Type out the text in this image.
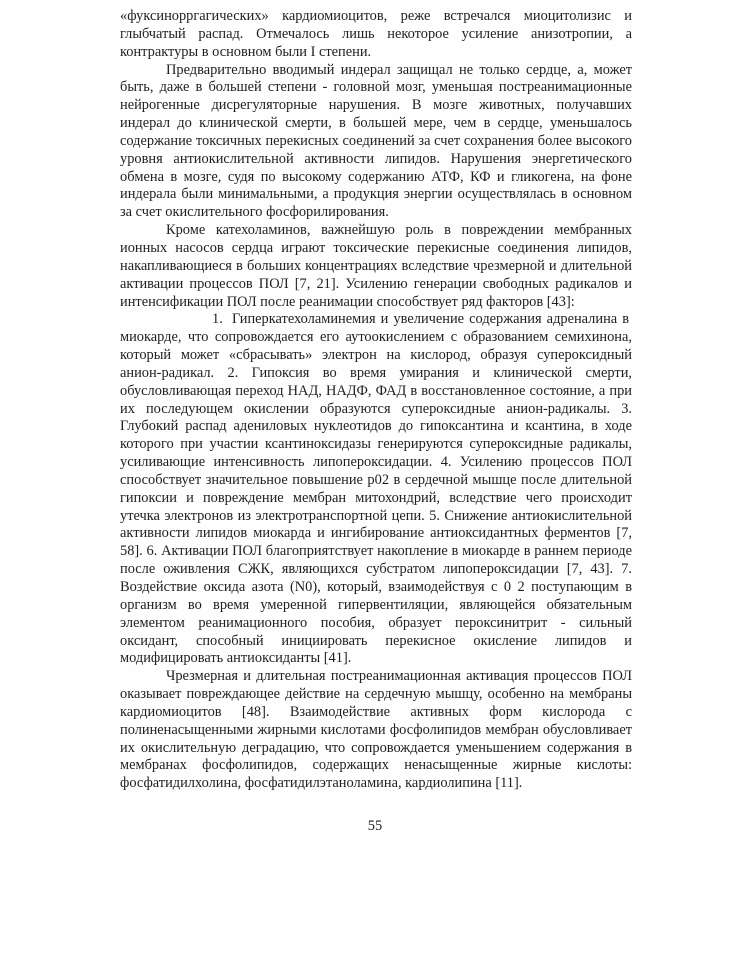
«фуксинорргагических» кардиомиоцитов, реже встречался миоцитолизис и глыбчатый распад. Отмечалось лишь некоторое усиление анизотропии, а контрактуры в основном были I степени.

Предварительно вводимый индерал защищал не только сердце, а, может быть, даже в большей степени - головной мозг, уменьшая постреанимационные нейрогенные дисрегуляторные нарушения. В мозге животных, получавших индерал до клинической смерти, в большей мере, чем в сердце, уменьшалось содержание токсичных перекисных соединений за счет сохранения более высокого уровня антиокислительной активности липидов. Нарушения энергетического обмена в мозге, судя по высокому содержанию АТФ, КФ и гликогена, на фоне индерала были минимальными, а продукция энергии осуществлялась в основном за счет окислительного фосфорилирования.

Кроме катехоламинов, важнейшую роль в повреждении мембранных ионных насосов сердца играют токсические перекисные соединения липидов, накапливающиеся в больших концентрациях вследствие чрезмерной и длительной активации процессов ПОЛ [7, 21]. Усилению генерации свободных радикалов и интенсификации ПОЛ после реанимации способствует ряд факторов [43]:

1. Гиперкатехоламинемия и увеличение содержания адреналина в

миокарде, что сопровождается его аутоокислением с образованием семихинона, который может «сбрасывать» электрон на кислород, образуя супероксидный анион-радикал. 2. Гипоксия во время умирания и клинической смерти, обусловливающая переход НАД, НАДФ, ФАД в восстановленное состояние, а при их последующем окислении образуются супероксидные анион-радикалы. 3. Глубокий распад адениловых нуклеотидов до гипоксантина и ксантина, в ходе которого при участии ксантиноксидазы генерируются супероксидные радикалы, усиливающие интенсивность липопероксидации. 4. Усилению процессов ПОЛ способствует значительное повышение р02 в сердечной мышце после длительной гипоксии и повреждение мембран митохондрий, вследствие чего происходит утечка электронов из электротранспортной цепи. 5. Снижение антиокислительной активности липидов миокарда и ингибирование антиоксидантных ферментов [7, 58]. 6. Активации ПОЛ благоприятствует накопление в миокарде в раннем периоде после оживления СЖК, являющихся субстратом липопероксидации [7, 43]. 7. Воздействие оксида азота (N0), который, взаимодействуя с 0 2 поступающим в организм во время умеренной гипервентиляции, являющейся обязательным элементом реанимационного пособия, образует пероксинитрит - сильный оксидант, способный инициировать перекисное окисление липидов и модифицировать антиоксиданты [41].

Чрезмерная и длительная постреанимационная активация процессов ПОЛ оказывает повреждающее действие на сердечную мышцу, особенно на мембраны кардиомиоцитов [48]. Взаимодействие активных форм кислорода с полиненасыщенными жирными кислотами фосфолипидов мембран обусловливает их окислительную деградацию, что сопровождается уменьшением содержания в мембранах фосфолипидов, содержащих ненасыщенные жирные кислоты: фосфатидилхолина, фосфатидилэтаноламина, кардиолипина [11].

55
